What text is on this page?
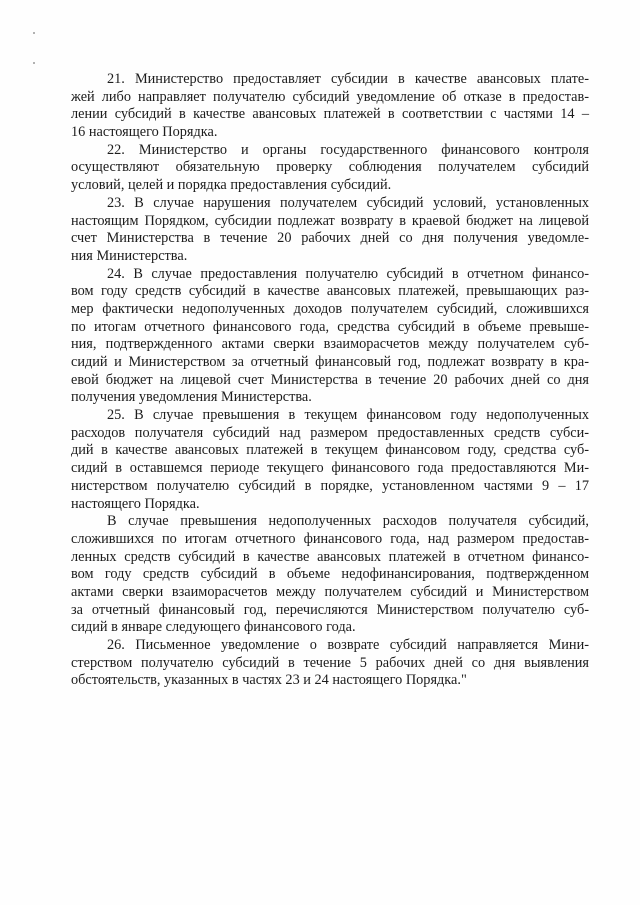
21. Министерство предоставляет субсидии в качестве авансовых плате-
жей либо направляет получателю субсидий уведомление об отказе в предостав-
лении субсидий в качестве авансовых платежей в соответствии с частями 14 –
16 настоящего Порядка.
22. Министерство и органы государственного финансового контроля
осуществляют обязательную проверку соблюдения получателем субсидий
условий, целей и порядка предоставления субсидий.
23. В случае нарушения получателем субсидий условий, установленных
настоящим Порядком, субсидии подлежат возврату в краевой бюджет на лицевой
счет Министерства в течение 20 рабочих дней со дня получения уведомле-
ния Министерства.
24. В случае предоставления получателю субсидий в отчетном финансо-
вом году средств субсидий в качестве авансовых платежей, превышающих раз-
мер фактически недополученных доходов получателем субсидий, сложившихся
по итогам отчетного финансового года, средства субсидий в объеме превыше-
ния, подтвержденного актами сверки взаиморасчетов между получателем суб-
сидий и Министерством за отчетный финансовый год, подлежат возврату в кра-
евой бюджет на лицевой счет Министерства в течение 20 рабочих дней со дня
получения уведомления Министерства.
25. В случае превышения в текущем финансовом году недополученных
расходов получателя субсидий над размером предоставленных средств субси-
дий в качестве авансовых платежей в текущем финансовом году, средства суб-
сидий в оставшемся периоде текущего финансового года предоставляются Ми-
нистерством получателю субсидий в порядке, установленном частями 9 – 17
настоящего Порядка.
В случае превышения недополученных расходов получателя субсидий,
сложившихся по итогам отчетного финансового года, над размером предостав-
ленных средств субсидий в качестве авансовых платежей в отчетном финансо-
вом году средств субсидий в объеме недофинансирования, подтвержденном
актами сверки взаиморасчетов между получателем субсидий и Министерством
за отчетный финансовый год, перечисляются Министерством получателю суб-
сидий в январе следующего финансового года.
26. Письменное уведомление о возврате субсидий направляется Мини-
стерством получателю субсидий в течение 5 рабочих дней со дня выявления
обстоятельств, указанных в частях 23 и 24 настоящего Порядка."
